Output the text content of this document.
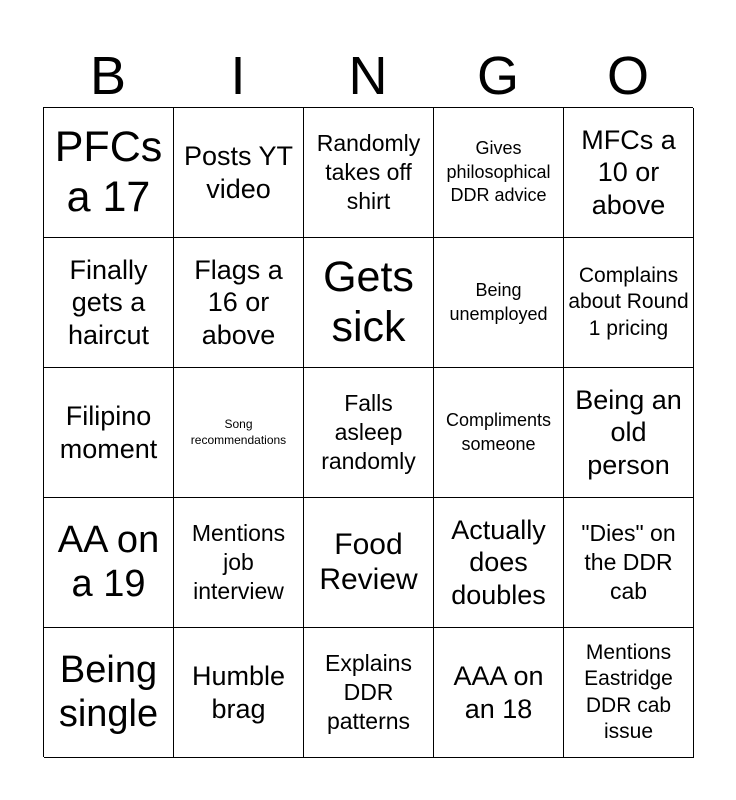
B	I	N	G	O
PFCs a 17
Posts YT video
Randomly takes off shirt
Gives philosophical DDR advice
MFCs a 10 or above
Finally gets a haircut
Flags a 16 or above
Gets sick
Being unemployed
Complains about Round 1 pricing
Filipino moment
Song recommendations
Falls asleep randomly
Compliments someone
Being an old person
AA on a 19
Mentions job interview
Food Review
Actually does doubles
"Dies" on the DDR cab
Being single
Humble brag
Explains DDR patterns
AAA on an 18
Mentions Eastridge DDR cab issue
